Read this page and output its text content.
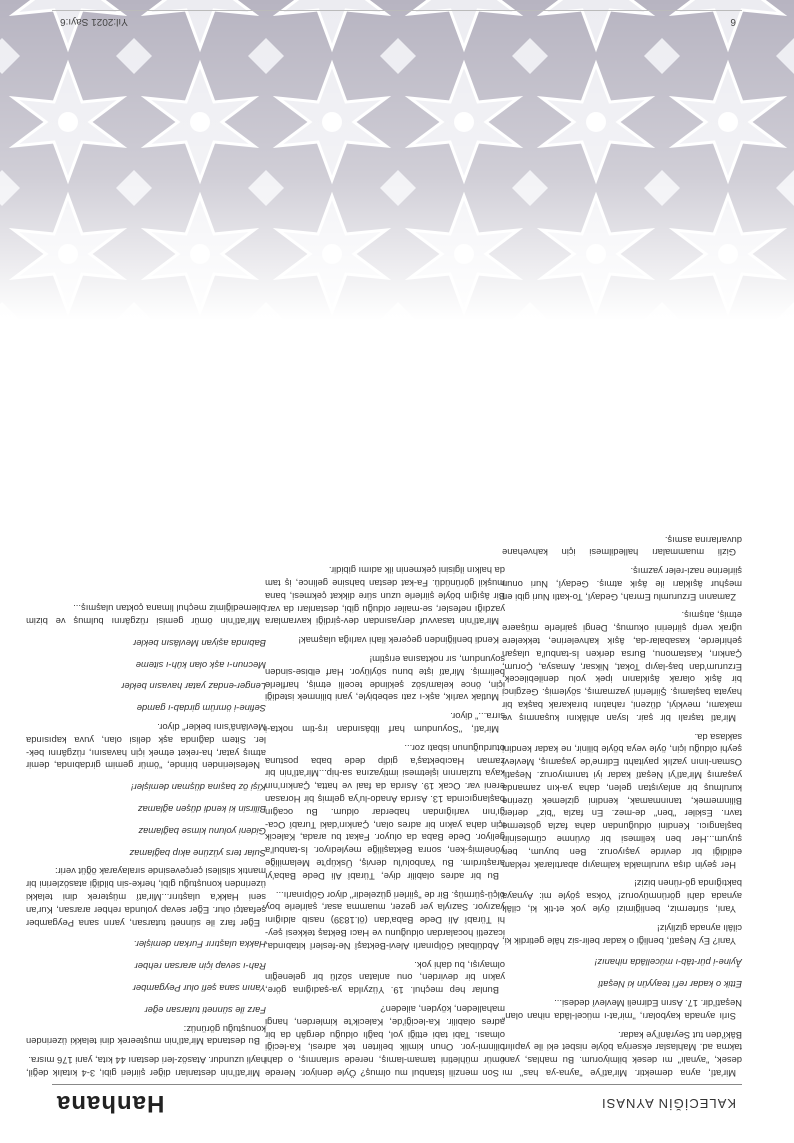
KALECİĞİN AYNASI
Hanhana

Mir'atî, ayna demektir. Mir'atî'ye "ayna-ya has" mı desek, "aynalı" mı desek bilmiyorum. Bu mahlas, yanı takma ad. Mahlaslar ekseriya böyle nisbet eki ile yapılır: Bâkî'den tut Seyrânî'ye kadar.

Sırlı aynada kayboları, "mir'at-ı mücel-lâda nihan olan" Neşatî'dir. 17. Asrın Edirneli Mevlevî dedesi...

Ettik o kadar ref'i teayyün ki Neşatî

Âyine-i pür-tâb-ı mücellâda nihanız!

Yani? Ey Neşatî, benliği o kadar belir-siz hâle getirdik ki, cilâlı aynada gizliyiz!

Yani, sürtermiz, benliğimizi öyle yok et-tik ki, cilâlı aynada dahi görünmüyoruz! Yoksa şöyle mi: Aynaya baktığında gö-rünen biziz!

Her şeyin dışa vurulmakla kalmayıp abartılarak reklam edildiği bir devirde yaşıyoruz. Ben buyum, ben şuyum...Her ben kelimesi bir övünme cümlesinin başlangıcı. Kendini olduğundan daha fazla gösterme tavrı. Eskiler "ben" de-mez. En fazla "biz" derler. Bilinmemek, tanınmamak, kendini gizlemek üzerine kurulmuş bir anlayıştan gelen, daha ya-kın zamanda yaşamış Mir'atî'yi Neşatî kadar iyi tanımıyoruz. Neşatî, Osman-lının yazlık payitahtı Edirne'de yaşamış, Mevlevî şeyhi olduğu için, öyle veya böyle bilinir, ne kadar kendini saklasa da.

Mir'atî taşralı bir şair. Isyan ahlâkını kuşanmış ve makamı, mevkiyi, düzeni, rahatını bırakarak başka bir hayata başlamış. Şiirlerini yazmamış, söylemiş. Gezginci bir âşık olarak âşıklanın ipek yolu denilebilecek, Erzurum'dan baş-layıp Tokat, Niksar, Amasya, Çorum, Çankırı, Kastamonu, Bursa derken İs-tanbul'a ulaşan şehirlerde, kasabalar-da, âşık kahvelerine, tekkelere uğrak verip şiirlerini okumuş, Dengi şairlerle müşaere etmiş, atışmış.

Zamanın Erzurumlu Emrah, Gedayî, To-katlı Nuri gibi en meşhur âşıkları ile âşık atmış. Gedayî, Nuri onun şiirlerine nazi-reler yazmış.

Gizli muammaları halledilmesi için kahvehane duvarlarına asmış.

Son menzili İstanbul mu olmuş? Öyle deniyor. Nerede ömür mühletini tamam-lamış, nerede sırlanmış, o dahi bilinmi-yor. Onun kimlik belirten tek adresi, Ka-leciği olması. Tabi tabi ettiği yol, bağlı olduğu dergâh da bir adres olabilir. Ka-leciği'de, Kalecik'te kimlerden, hangi mahalleden, köyden, aileden?

Bunlar hep meçhul. 19. Yüzyılda ya-şadığına göre, yakın bir devirden, onu anlatan sözlü bir geleneğin olmayışı, bu dahi yok.

Abdülbaki Gölpınarlı Alevi-Bektaşî Ne-feslerî kitabında, icazetli hocalardan olduğunu ve Hacı Bektaş tekkesi şey-hi Türabî Ali Dede Baba'dan (öl.1839) nasib aldığını yazıyor. Sazıyla yer gezer, muamma asar, şairlerle boy ölçü-şürmüş. Bir de "şiirleri güzeledir" diyor Gölpınarlı...

Bu bir adres olabilir diye, Türabî Ali Dede Baba'yı araştırdım. Bu Yanbolu'lu derviş, Üsküp'te Melamiliğe yönelmiş-ken, sonra Bektaşiliğe meyledıyor. İs-tanbul'a geliyor. Dede Baba da oluyor. Fakat bu arada, Kalecik için daha yakın bir adres olan, Çankırı'daki Turabî Oca-ğı'nın varlığından haberdar oldum. Bu ocağın başlangıcında 13. Asırda Anado-lu'ya gelmiş bir Horasan ereni var. Ocak 19. Asırda da faal ve hatta, Çankırı'nın kaya tuzlarının işletmesi imtiyazına sa-hip...Mir'atî'nin bir zaman Hacıbektaş'a gidip dede baba postuna oturduğunun isbatı zor...

Mir'atî, "Soyundum harf libâsından irş-tim nokta-i sırra..." diyor.

Mutlak varlık, aşk-ı zatı sebebiyle, yani bilinmek istediği için, önce kelam/söz şeklinde tecelli etmiş, harflerle belirmiş. Mir'atî işte bunu söylüyor. Harf elbise-sinden soyundum, sır noktasına erıştim!

Kendi benliğinden geçerek ilahi varlığa ulaşmak!

Mir'atî'nin tasavvuf deryasından dev-şirdiği kavramlara yazdığı nefesler, se-mailer olduğu gibi, destanları da var. Bir âşığın böyle şiirlerle uzun süre dikkat çekmesi, bana muşkil görünüdü. Fa-kat destan bahsine gelince, iş tam da halkın ilgisini çekmenin ilk adımı gibidir.

Mir'atî'nin destanları diğer şiirleri gibi, 3-4 kıtalık değil, hayli uzundur. Atasöz-leri destanı 44 kıta, yani 176 mısra.

Bu destanda Mir'atî'nin muşteerek dini telakki üzerinden konuştuğu görünüz:

Farz ile sünneti tutarsan eğer

Yanın sana şefî olur Peygamber

Rah-ı sevap için ararsan rehber

Hakka ulaştırır Furkan demişler.

Eğer farz ile sünneti tutarsan, yarın sana Peygamber şefaatçi olur. Eğer sevap yolunda rehber ararsan, Kur'an seni Hakk'a ulaştırır...Mir'atî müşterek dini telakki üzerinden konuştuğu gibi, herke-sin bildiği atasözlerini bir mantık silsilesi çerçevesinde sıralayarak öğüt verir:

Sular ters yüzüne akıp bağlamaz

Gideni yolunu kimse bağlamaz

Bilirsin ki kendi düşen ağlamaz

Kişi öz başına düşman demişler!

Nefeslerinden birinde, "ömür gemim girdabında, demir atmış yatar, ha-reket etmek için havasını, rüzgârını bek-ler. Sitem dağında aşk delisi olan, yuva kapısında Mevlânâ'sını bekler" diyor.

Sefine-i ömrüm girdab-ı gamde

Lenger-endaz yatar havasın bekler

Mecnun-ı aşk olan kûh-ı siteme

Babında aşiyan Mevlâsın bekler

Mir'atî'nin ömür gemisi rüzgârını bulmuş ve bizim bilemediğimiz meçhul limana çoktan ulaşmış...

6
Yıl:2021 Sayı:6
